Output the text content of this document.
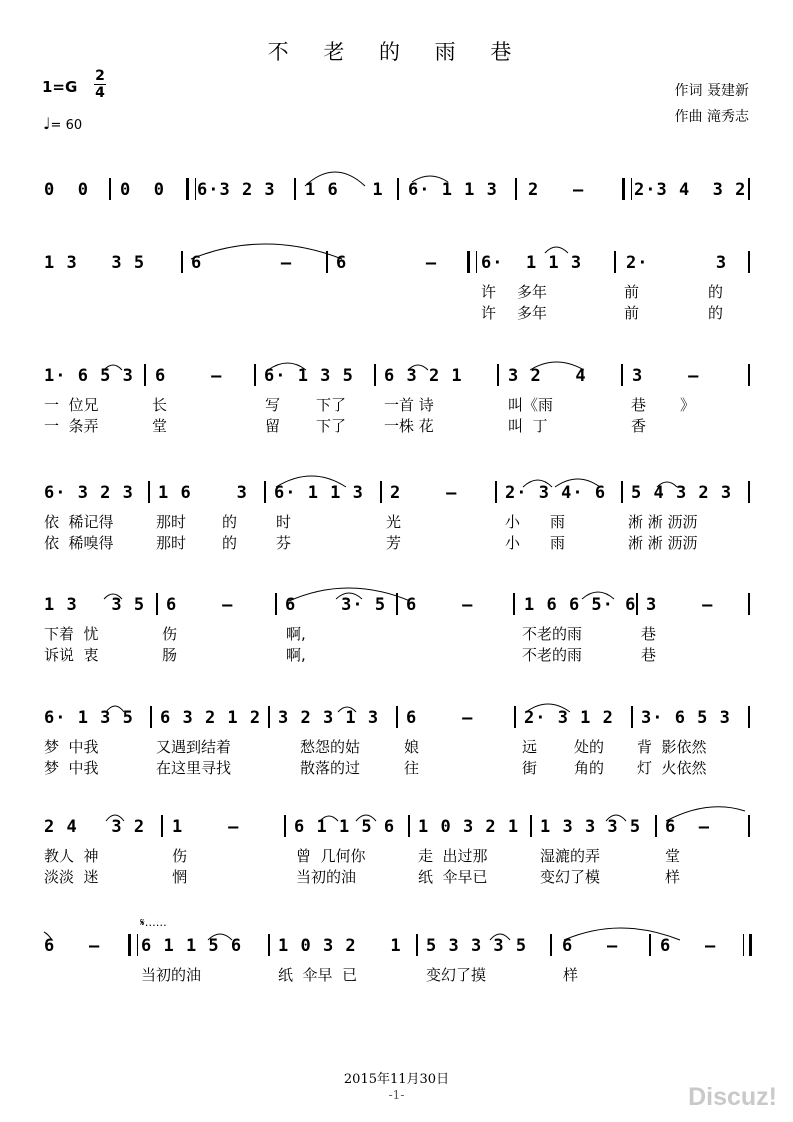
不 老 的 雨 巷
1=G
2
4
♩= 60
作词 聂建新
作曲 滝秀志
0  0 0  0 6·3 2 3 1 6   1 6· 1 1 3 2   –	2·3 4  3 2
1 3   3 5	6       –	6       –	6·  1 1 3	2·      3
许 多年	前	的
许 多年	前	的
1· 6 5 3 6    – 6· 1 3 5 6 3 2 1	3 2   4	3    –
一  位兄	长	写 下了	一首 诗	叫《雨	巷 》
一  条弄	堂	留 下了	一株 花	叫  丁	香
6· 3 2 3 1 6    3 6· 1 1 3 2    –	2· 3 4· 6 5 4 3 2 3
依  稀记得	那时 的	时	光	小 雨	淅 淅 沥沥
依  稀嗅得	那时 的	芬	芳	小 雨	淅 淅 沥沥
1 3   3 5 6    –	6    3· 5 6    –	1 6 6 5· 6 3    –
下着  忧	伤	啊,	不老的雨	巷
诉说  衷	肠	啊,	不老的雨	巷
6· 1 3 5 6 3 2 1 2 3 2 3 1 3 6    –	2· 3 1 2 3· 6 5 3
梦  中我	又遇到结着	愁怨的姑	娘	远 处的 背  影依然
梦  中我	在这里寻找	散落的过	往	街 角的 灯  火依然
2 4   3 2 1    –	6 1 1 5 6 1 0 3 2 1 1 3 3 3 5 6  –
教人  神	伤	曾  几何你	走  出过那	湿漉的弄	堂
淡淡  迷	惘	当初的油	纸  伞早已	变幻了模	样
𝄋……
6   – 6 1 1 5 6 1 0 3 2   1 5 3 3 3 5 6   – 6   –
当初的油	纸  伞早  已	变幻了摸	样
2015年11月30日
-1-	Discuz!
